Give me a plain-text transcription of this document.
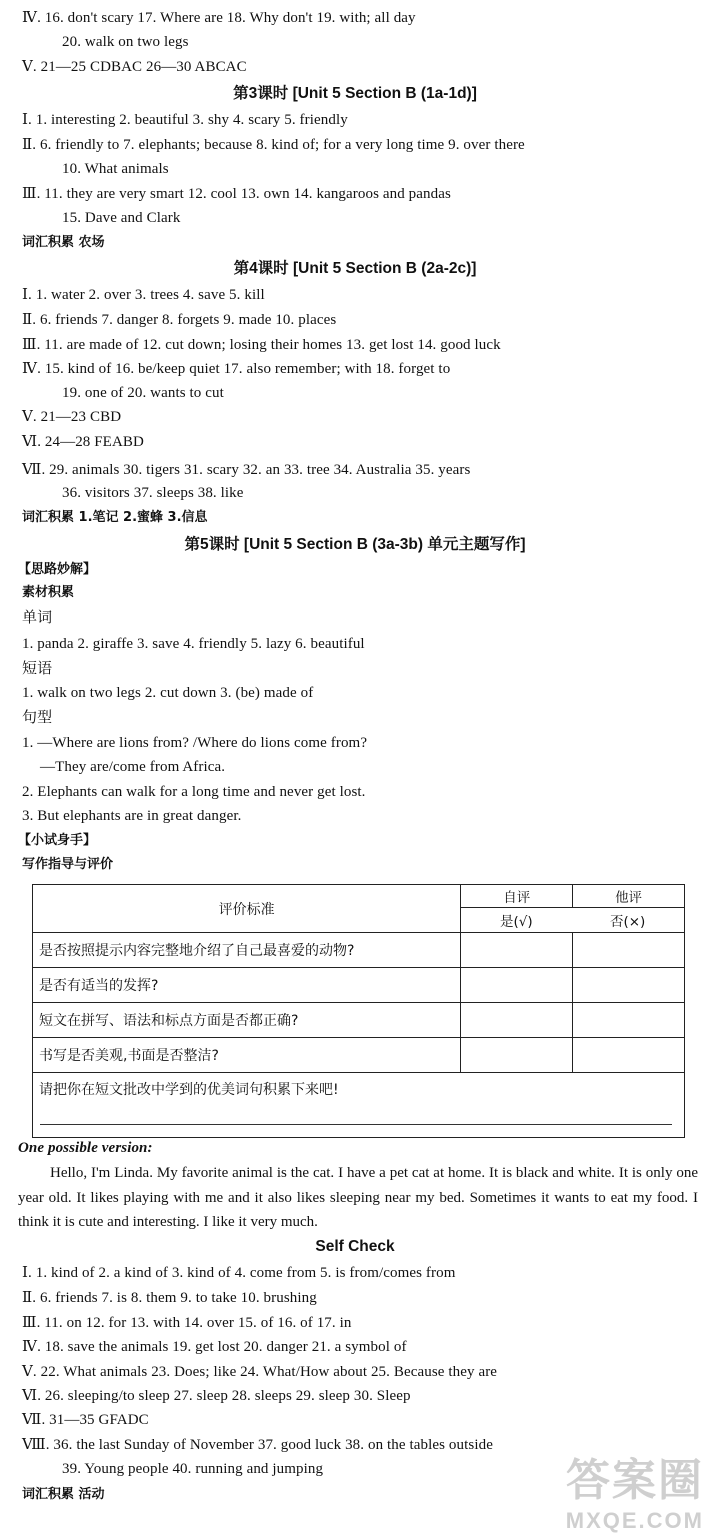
Ⅳ. 16. don't scary 17. Where are 18. Why don't 19. with; all day
20. walk on two legs
Ⅴ. 21—25 CDBAC 26—30 ABCAC
第3课时 [Unit 5 Section B (1a-1d)]
Ⅰ. 1. interesting 2. beautiful 3. shy 4. scary 5. friendly
Ⅱ. 6. friendly to 7. elephants; because 8. kind of; for a very long time 9. over there
10. What animals
Ⅲ. 11. they are very smart 12. cool 13. own 14. kangaroos and pandas
15. Dave and Clark
词汇积累 农场
第4课时 [Unit 5 Section B (2a-2c)]
Ⅰ. 1. water 2. over 3. trees 4. save 5. kill
Ⅱ. 6. friends 7. danger 8. forgets 9. made 10. places
Ⅲ. 11. are made of 12. cut down; losing their homes 13. get lost 14. good luck
Ⅳ. 15. kind of 16. be/keep quiet 17. also remember; with 18. forget to
19. one of 20. wants to cut
Ⅴ. 21—23 CBD
Ⅵ. 24—28 FEABD
Ⅶ. 29. animals 30. tigers 31. scary 32. an 33. tree 34. Australia 35. years
36. visitors 37. sleeps 38. like
词汇积累 1.笔记 2.蜜蜂 3.信息
第5课时 [Unit 5 Section B (3a-3b) 单元主题写作]
【思路妙解】
素材积累
单词
1. panda 2. giraffe 3. save 4. friendly 5. lazy 6. beautiful
短语
1. walk on two legs 2. cut down 3. (be) made of
句型
1. —Where are lions from? /Where do lions come from?
—They are/come from Africa.
2. Elephants can walk for a long time and never get lost.
3. But elephants are in great danger.
【小试身手】
写作指导与评价
评价标准	自评	他评

	是(√) 否(×)	

是否按照提示内容完整地介绍了自己最喜爱的动物?		
是否有适当的发挥?		
短文在拼写、语法和标点方面是否都正确?		
书写是否美观,书面是否整洁?		
请把你在短文批改中学到的优美词句积累下来吧!		
One possible version:
Hello, I'm Linda. My favorite animal is the cat. I have a pet cat at home. It is black and white. It is only one year old. It likes playing with me and it also likes sleeping near my bed. Sometimes it wants to eat my food. I think it is cute and interesting. I like it very much.
Self Check
Ⅰ. 1. kind of 2. a kind of 3. kind of 4. come from 5. is from/comes from
Ⅱ. 6. friends 7. is 8. them 9. to take 10. brushing
Ⅲ. 11. on 12. for 13. with 14. over 15. of 16. of 17. in
Ⅳ. 18. save the animals 19. get lost 20. danger 21. a symbol of
Ⅴ. 22. What animals 23. Does; like 24. What/How about 25. Because they are
Ⅵ. 26. sleeping/to sleep 27. sleep 28. sleeps 29. sleep 30. Sleep
Ⅶ. 31—35 GFADC
Ⅷ. 36. the last Sunday of November 37. good luck 38. on the tables outside
39. Young people 40. running and jumping
词汇积累 活动	答案圈
MXQE.COM
